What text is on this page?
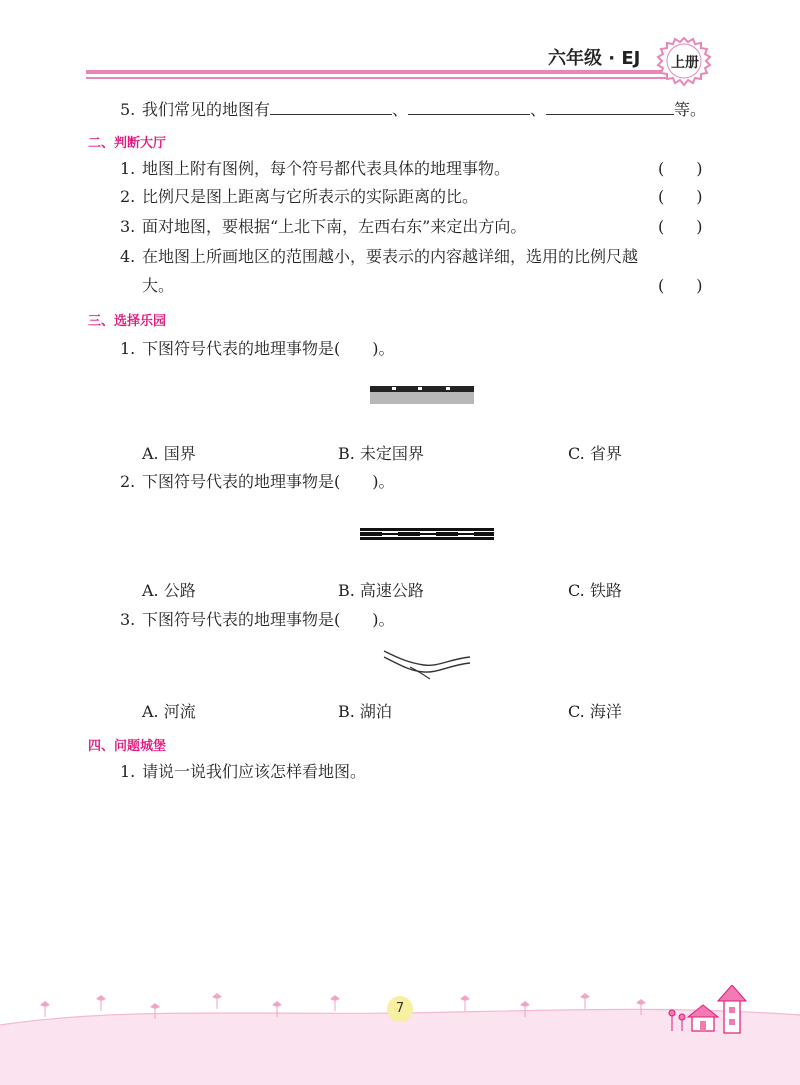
六年级 · EJ	上册
5. 我们常见的地图有	、	、	等。
二、判断大厅
1. 地图上附有图例，每个符号都代表具体的地理事物。	(　　)
2. 比例尺是图上距离与它所表示的实际距离的比。	(　　)
3. 面对地图，要根据“上北下南，左西右东”来定出方向。	(　　)
4. 在地图上所画地区的范围越小，要表示的内容越详细，选用的比例尺越
大。	(　　)
三、选择乐园
1. 下图符号代表的地理事物是(　　)。
A. 国界	B. 未定国界	C. 省界
2. 下图符号代表的地理事物是(　　)。
A. 公路	B. 高速公路	C. 铁路
3. 下图符号代表的地理事物是(　　)。
A. 河流	B. 湖泊	C. 海洋
四、问题城堡
1. 请说一说我们应该怎样看地图。
7
